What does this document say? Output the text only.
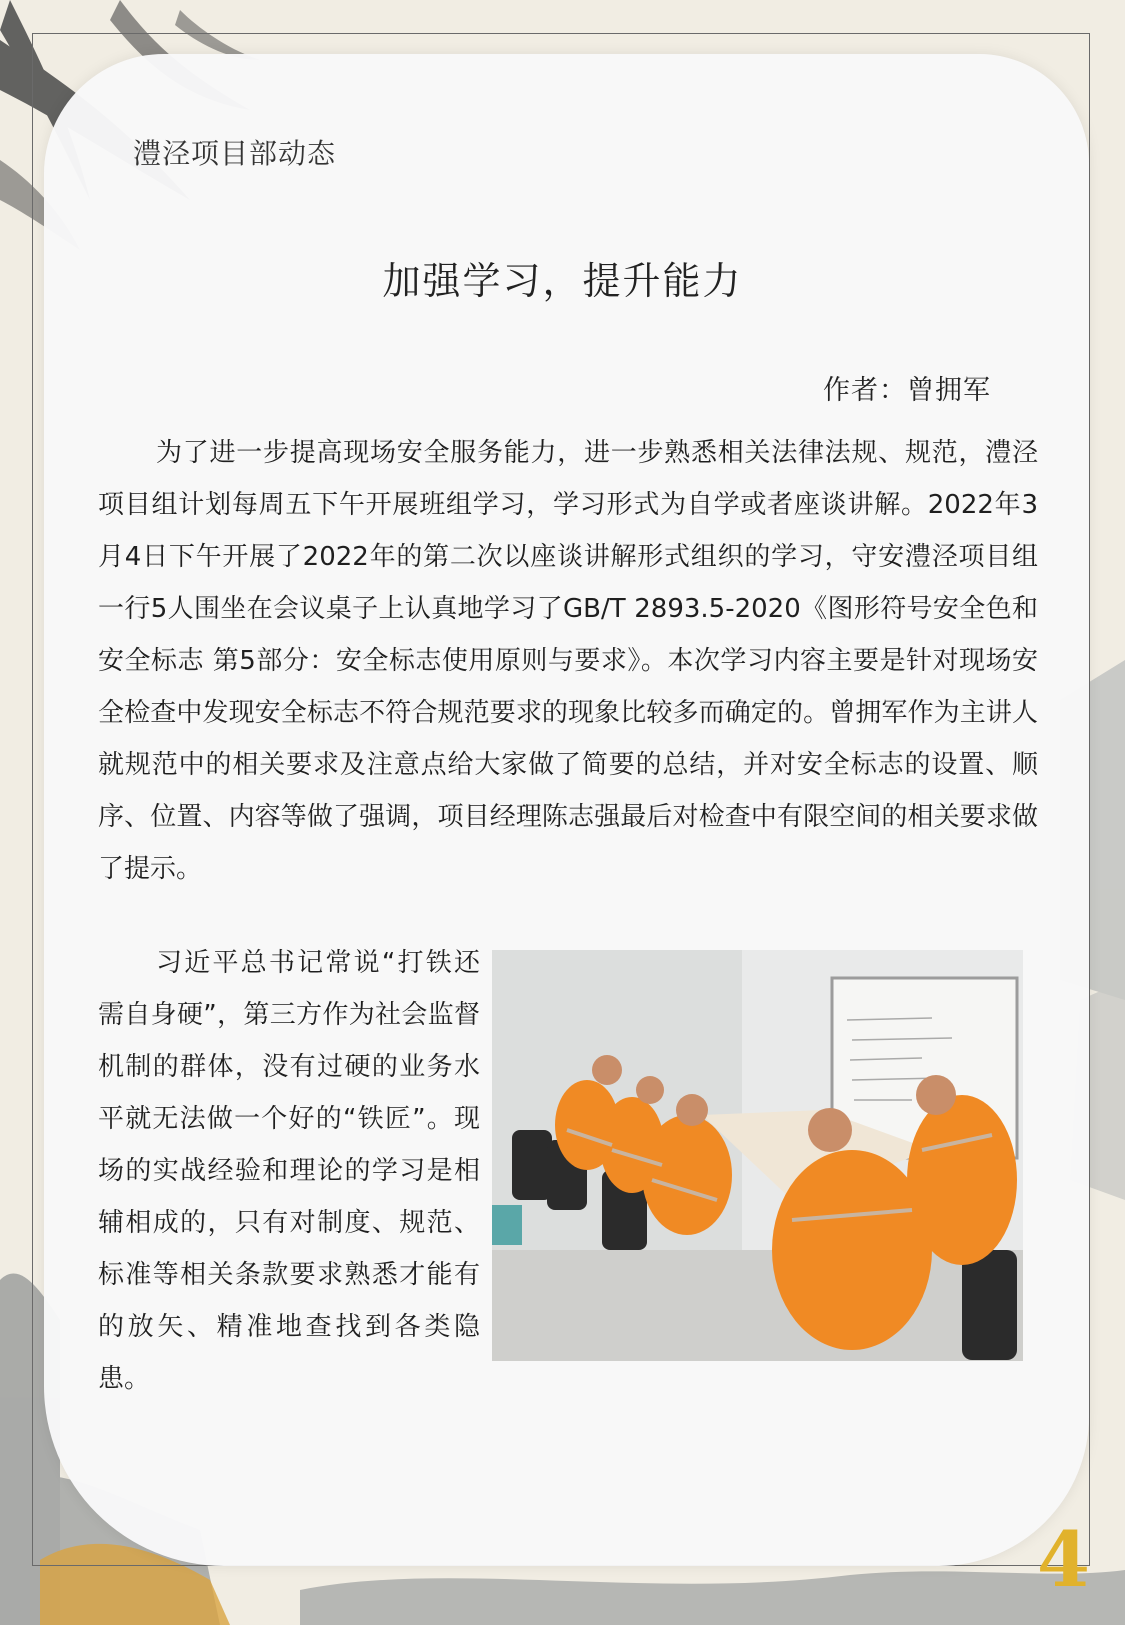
澧泾项目部动态
加强学习，提升能力
作者：曾拥军
为了进一步提高现场安全服务能力，进一步熟悉相关法律法规、规范，澧泾项目组计划每周五下午开展班组学习，学习形式为自学或者座谈讲解。2022年3月4日下午开展了2022年的第二次以座谈讲解形式组织的学习，守安澧泾项目组一行5人围坐在会议桌子上认真地学习了GB/T 2893.5-2020《图形符号安全色和安全标志 第5部分：安全标志使用原则与要求》。本次学习内容主要是针对现场安全检查中发现安全标志不符合规范要求的现象比较多而确定的。曾拥军作为主讲人就规范中的相关要求及注意点给大家做了简要的总结，并对安全标志的设置、顺序、位置、内容等做了强调，项目经理陈志强最后对检查中有限空间的相关要求做了提示。
习近平总书记常说“打铁还需自身硬”，第三方作为社会监督机制的群体，没有过硬的业务水平就无法做一个好的“铁匠”。现场的实战经验和理论的学习是相辅相成的，只有对制度、规范、标准等相关条款要求熟悉才能有的放矢、精准地查找到各类隐患。
4
